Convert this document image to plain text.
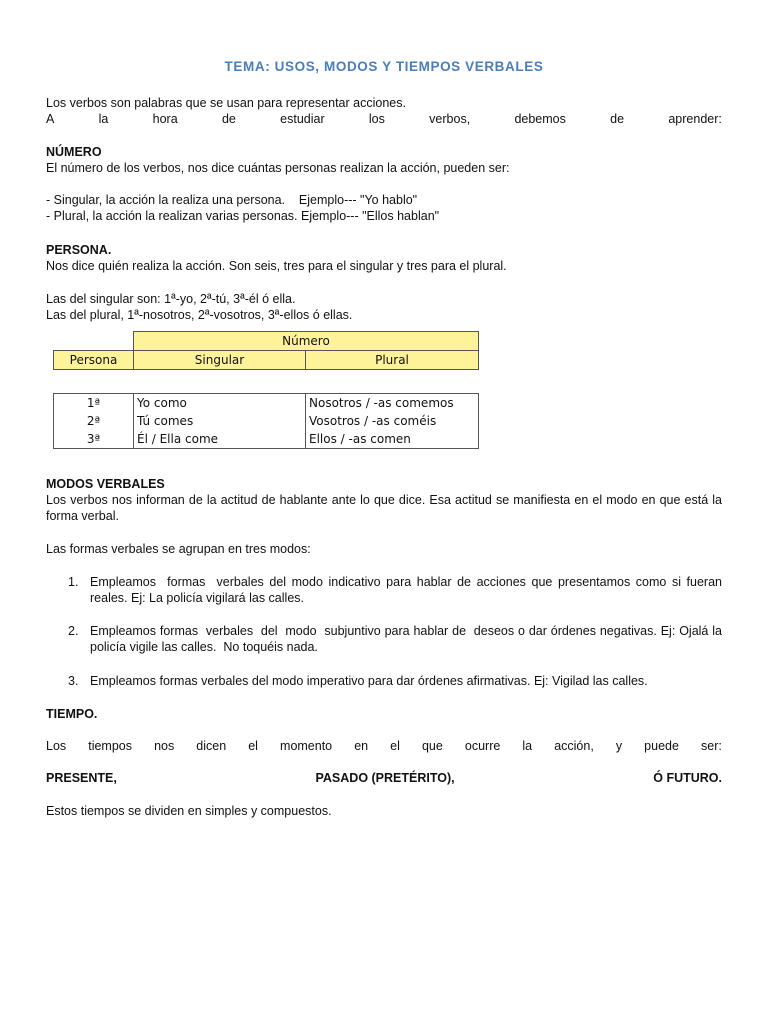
TEMA: USOS, MODOS Y TIEMPOS VERBALES
Los verbos son palabras que se usan para representar acciones.
A	la	hora	de	estudiar	los	verbos,	debemos	de	aprender:
NÚMERO
El número de los verbos, nos dice cuántas personas realizan la acción, pueden ser:
- Singular, la acción la realiza una persona.    Ejemplo--- "Yo hablo"
- Plural, la acción la realizan varias personas. Ejemplo--- "Ellos hablan"
PERSONA.
Nos dice quién realiza la acción. Son seis, tres para el singular y tres para el plural.
Las del singular son: 1ª-yo, 2ª-tú, 3ª-él ó ella.
Las del plural, 1ª-nosotros, 2ª-vosotros, 3ª-ellos ó ellas.
	Número	
Persona	Singular	Plural
1ª	Yo como	Nosotros / -as comemos
2ª	Tú comes	Vosotros / -as coméis
3ª	Él / Ella come	Ellos / -as comen
MODOS VERBALES
Los verbos nos informan de la actitud de hablante ante lo que dice. Esa actitud se manifiesta en el modo en que está la forma verbal.
Las formas verbales se agrupan en tres modos:
1. Empleamos  formas  verbales del modo indicativo para hablar de acciones que presentamos como si fueran reales. Ej: La policía vigilará las calles.
2. Empleamos formas  verbales  del  modo  subjuntivo para hablar de  deseos o dar órdenes negativas. Ej: Ojalá la policía vigile las calles.  No toquéis nada.
3. Empleamos formas verbales del modo imperativo para dar órdenes afirmativas. Ej: Vigilad las calles.
TIEMPO.
Los tiempos nos dicen el momento en el que ocurre la acción, y puede ser:
PRESENTE,	PASADO (PRETÉRITO),	Ó FUTURO.
Estos tiempos se dividen en simples y compuestos.
